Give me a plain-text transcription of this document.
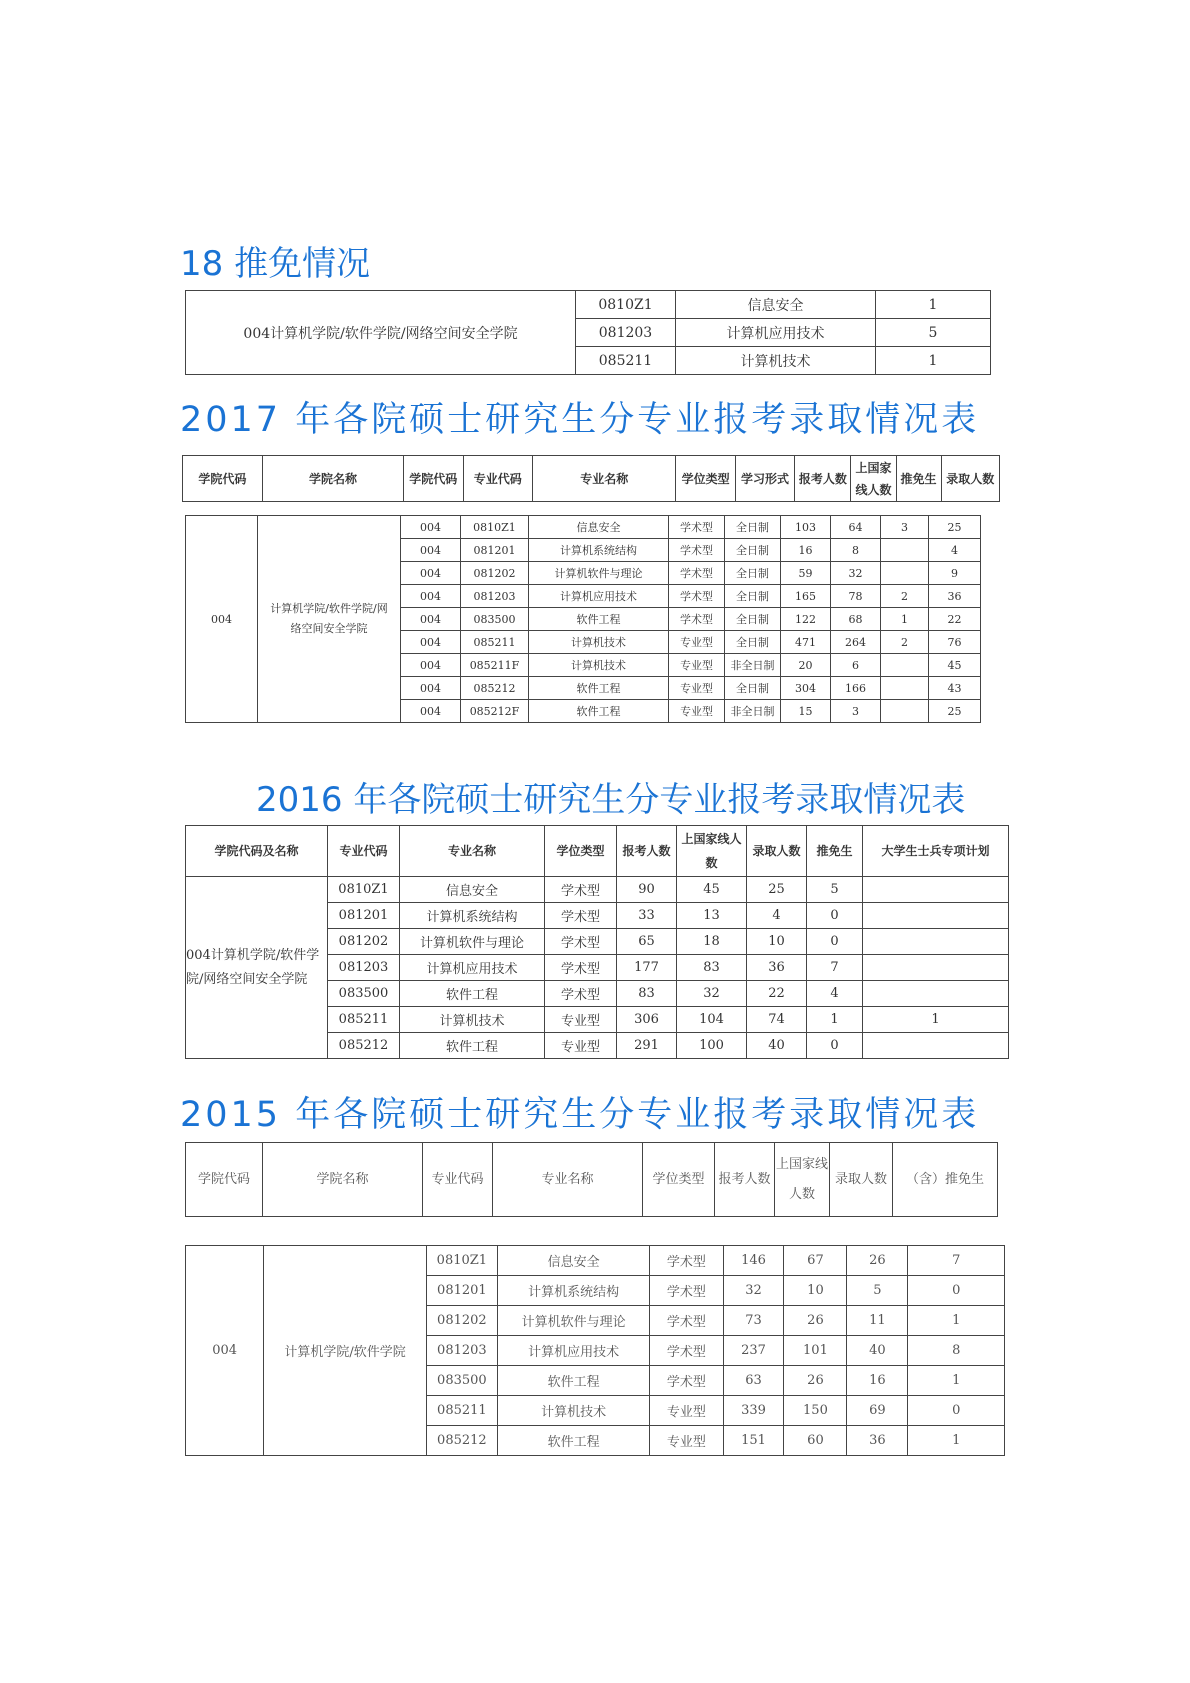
18 推免情况
004计算机学院/软件学院/网络空间安全学院	0810Z1	信息安全	1
	081203	计算机应用技术	5
	085211	计算机技术	1
2017 年各院硕士研究生分专业报考录取情况表
学院代码	学院名称	学院代码	专业代码	专业名称	学位类型	学习形式	报考人数	上国家线人数	推免生	录取人数
004	计算机学院/软件学院/网络空间安全学院	004	0810Z1	信息安全	学术型	全日制	103	64	3	25
		004	081201	计算机系统结构	学术型	全日制	16	8		4
		004	081202	计算机软件与理论	学术型	全日制	59	32		9
		004	081203	计算机应用技术	学术型	全日制	165	78	2	36
		004	083500	软件工程	学术型	全日制	122	68	1	22
		004	085211	计算机技术	专业型	全日制	471	264	2	76
		004	085211F	计算机技术	专业型	非全日制	20	6		45
		004	085212	软件工程	专业型	全日制	304	166		43
		004	085212F	软件工程	专业型	非全日制	15	3		25
2016 年各院硕士研究生分专业报考录取情况表
学院代码及名称	专业代码	专业名称	学位类型	报考人数	上国家线人数	录取人数	推免生	大学生士兵专项计划
004计算机学院/软件学院/网络空间安全学院	0810Z1	信息安全	学术型	90	45	25	5	
	081201	计算机系统结构	学术型	33	13	4	0	
	081202	计算机软件与理论	学术型	65	18	10	0	
	081203	计算机应用技术	学术型	177	83	36	7	
	083500	软件工程	学术型	83	32	22	4	
	085211	计算机技术	专业型	306	104	74	1	1
	085212	软件工程	专业型	291	100	40	0	
2015 年各院硕士研究生分专业报考录取情况表
学院代码	学院名称	专业代码	专业名称	学位类型	报考人数	上国家线人数	录取人数	（含）推免生
004	计算机学院/软件学院	0810Z1	信息安全	学术型	146	67	26	7
		081201	计算机系统结构	学术型	32	10	5	0
		081202	计算机软件与理论	学术型	73	26	11	1
		081203	计算机应用技术	学术型	237	101	40	8
		083500	软件工程	学术型	63	26	16	1
		085211	计算机技术	专业型	339	150	69	0
		085212	软件工程	专业型	151	60	36	1
